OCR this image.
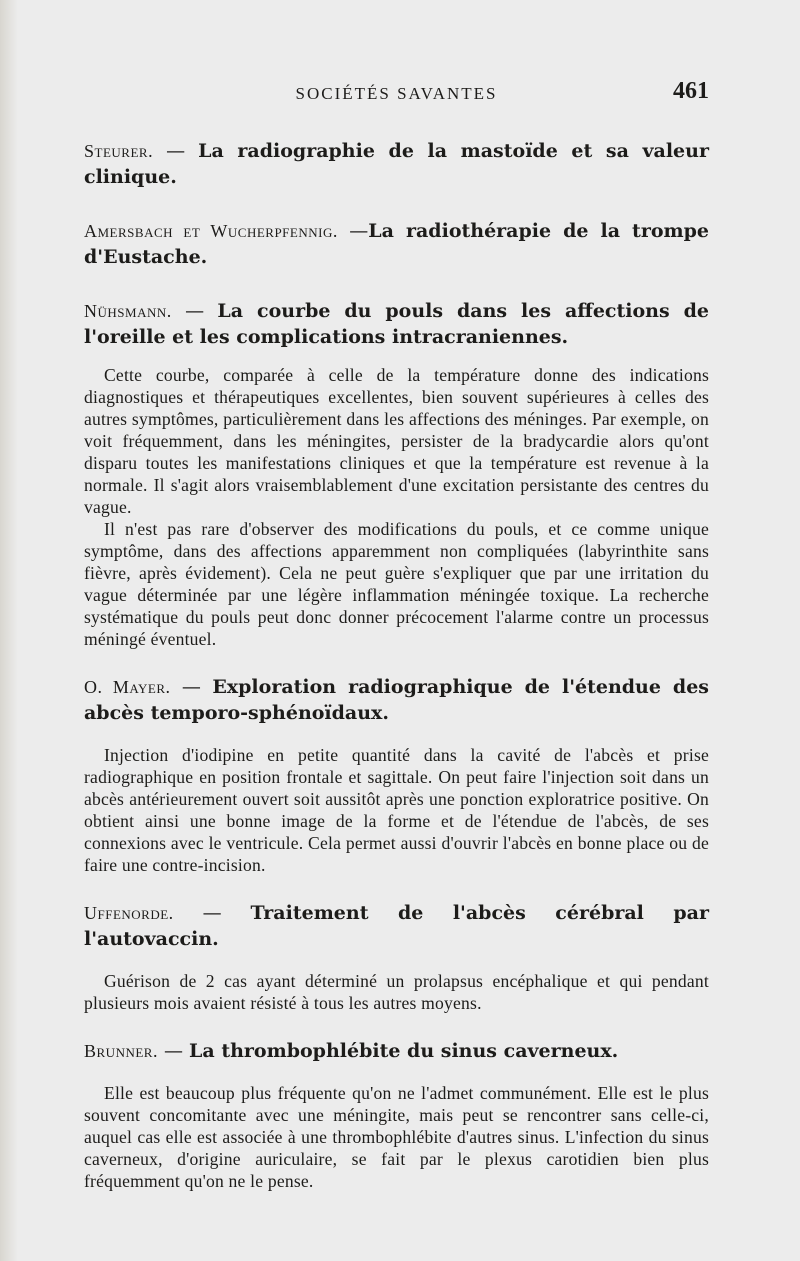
SOCIÉTÉS SAVANTES	461

Steurer. — La radiographie de la mastoïde et sa valeur clinique.

Amersbach et Wucherpfennig. —La radiothérapie de la trompe d'Eustache.

Nühsmann. — La courbe du pouls dans les affections de l'oreille et les complications intracraniennes.

Cette courbe, comparée à celle de la température donne des indications diagnostiques et thérapeutiques excellentes, bien souvent supérieures à celles des autres symptômes, particulièrement dans les affections des méninges. Par exemple, on voit fréquemment, dans les méningites, persister de la bradycardie alors qu'ont disparu toutes les manifestations cliniques et que la température est revenue à la normale. Il s'agit alors vraisemblablement d'une excitation persistante des centres du vague.

Il n'est pas rare d'observer des modifications du pouls, et ce comme unique symptôme, dans des affections apparemment non compliquées (labyrinthite sans fièvre, après évidement). Cela ne peut guère s'expliquer que par une irritation du vague déterminée par une légère inflammation méningée toxique. La recherche systématique du pouls peut donc donner précocement l'alarme contre un processus méningé éventuel.

O. Mayer. — Exploration radiographique de l'étendue des abcès temporo-sphénoïdaux.

Injection d'iodipine en petite quantité dans la cavité de l'abcès et prise radiographique en position frontale et sagittale. On peut faire l'injection soit dans un abcès antérieurement ouvert soit aussitôt après une ponction exploratrice positive. On obtient ainsi une bonne image de la forme et de l'étendue de l'abcès, de ses connexions avec le ventricule. Cela permet aussi d'ouvrir l'abcès en bonne place ou de faire une contre-incision.

Uffenorde. — Traitement de l'abcès cérébral par l'autovaccin.

Guérison de 2 cas ayant déterminé un prolapsus encéphalique et qui pendant plusieurs mois avaient résisté à tous les autres moyens.

Brunner. — La thrombophlébite du sinus caverneux.

Elle est beaucoup plus fréquente qu'on ne l'admet communément. Elle est le plus souvent concomitante avec une méningite, mais peut se rencontrer sans celle-ci, auquel cas elle est associée à une thrombophlébite d'autres sinus. L'infection du sinus caverneux, d'origine auriculaire, se fait par le plexus carotidien bien plus fréquemment qu'on ne le pense.
